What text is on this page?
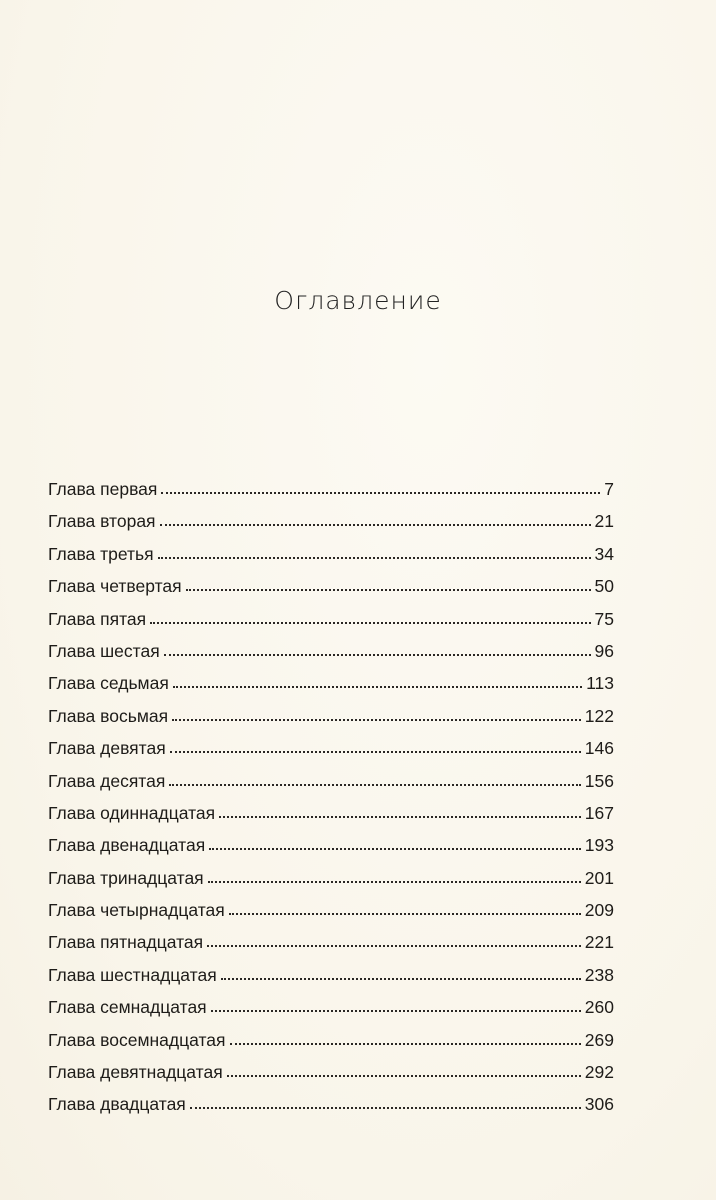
Оглавление
Глава первая	7
Глава вторая	21
Глава третья	34
Глава четвертая	50
Глава пятая	75
Глава шестая	96
Глава седьмая	113
Глава восьмая	122
Глава девятая	146
Глава десятая	156
Глава одиннадцатая	167
Глава двенадцатая	193
Глава тринадцатая	201
Глава четырнадцатая	209
Глава пятнадцатая	221
Глава шестнадцатая	238
Глава семнадцатая	260
Глава восемнадцатая	269
Глава девятнадцатая	292
Глава двадцатая	306
